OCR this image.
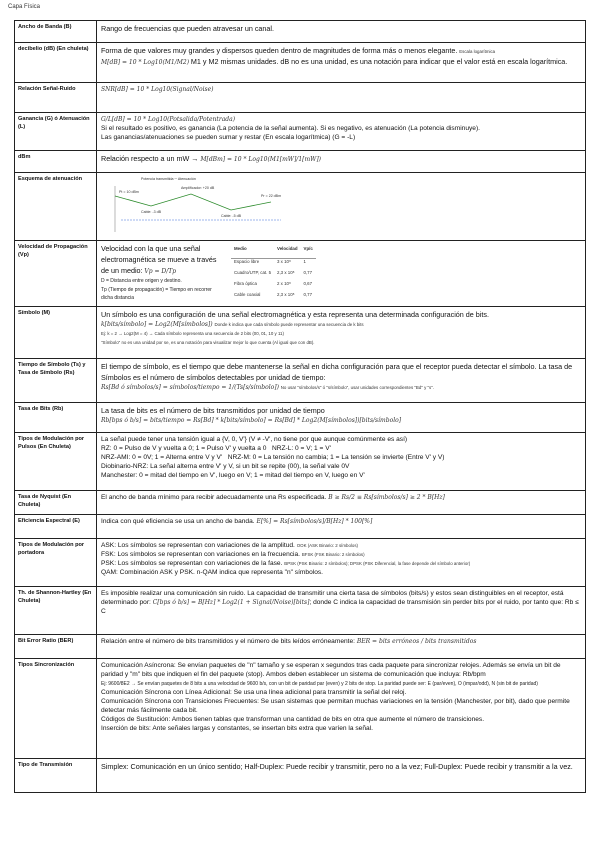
Capa Física
Ancho de Banda (B)	Rango de frecuencias que pueden atravesar un canal.
decibelio (dB) (En chuleta)	Forma de que valores muy grandes y dispersos queden dentro de magnitudes de forma más o menos elegante. Escala logarítmica
M[dB] = 10 * Log10(M1/M2) M1 y M2 mismas unidades. dB no es una unidad, es una notación para indicar que el valor está en escala logarítmica.
Relación Señal-Ruido	SNR[dB] = 10 * Log10(Signal/Noise)
Ganancia (G) ó Atenuación (L)	G/L[dB] = 10 * Log10(Potsalida/Potentrada)
Si el resultado es positivo, es ganancia (La potencia de la señal aumenta). Si es negativo, es atenuación (La potencia disminuye).
Las ganancias/atenuaciones se pueden sumar y restar (En escala logarítmica) (G = -L)
dBm	Relación respecto a un mW → M[dBm] = 10 * Log10(M1[mW]/1[mW])
Esquema de atenuación	Potencia transmitida ─ Atenuación
Pt = 10 dBm
Cable: -3 dB
Amplificador: +20 dB
Cable: -5 dB
Pr = 22 dBm

Velocidad de Propagación (Vp)	
Velocidad con la que una señal electromagnética se mueve a través de un medio: Vp = D/Tp
D = Distancia entre origen y destino.
Tp (Tiempo de propagación) = Tiempo en recorrer dicha distancia
Medio	Velocidad	Vp/c
Espacio libre	3 x 10⁸	1
Cuadro/UTP, cat. 5	2,3 x 10⁸	0,77
Fibra óptica	2 x 10⁸	0,67
Cable coaxial	2,3 x 10⁸	0,77

Símbolo (M)	Un símbolo es una configuración de una señal electromagnética y esta representa una determinada configuración de bits.
k[bits/símbolo] = Log2(M[símbolos]) Donde k indica que cada símbolo puede representar una secuencia de k bits
Ej: k = 2 → Log2(M = 4) → Cada símbolo representa una secuencia de 2 bits (00, 01, 10 y 11)
"Símbolo" no es una unidad por se, es una notación para visualizar mejor lo que cuenta (Al igual que con dB).
Tiempo de Símbolo (Ts) y Tasa de Símbolo (Rs)	El tiempo de símbolo, es el tiempo que debe mantenerse la señal en dicha configuración para que el receptor pueda detectar el símbolo. La tasa de Símbolos es el número de símbolos detectables por unidad de tiempo:
Rs[Bd ó símbolos/s] = símbolos/tiempo = 1/(Ts[s/símbolo]) No usar "símbolos/s" ó "s/símbolo", usar unidades correspondientes "Bd" y "s".
Tasa de Bits (Rb)	La tasa de bits es el número de bits transmitidos por unidad de tiempo
Rb[bps ó b/s] = bits/tiempo = Rs[Bd] * k[bits/símbolo] = Rs[Bd] * Log2(M[símbolos])[bits/símbolo]
Tipos de Modulación por Pulsos (En Chuleta)	La señal puede tener una tensión igual a {V, 0, V'} (V ≠ -V', no tiene por que aunque comúnmente es así)
RZ: 0 = Pulso de V y vuelta a 0; 1 = Pulso V' y vuelta a 0 NRZ-L: 0 = V; 1 = V'
NRZ-AMI: 0 = 0V; 1 = Alterna entre V y V' NRZ-M: 0 = La tensión no cambia; 1 = La tensión se invierte (Entre V' y V)
Diobinario-NRZ: La señal alterna entre V' y V, si un bit se repite (00), la señal vale 0V
Manchester: 0 = mitad del tiempo en V', luego en V; 1 = mitad del tiempo en V, luego en V'
Tasa de Nyquist (En Chuleta)	El ancho de banda mínimo para recibir adecuadamente una Rs especificada. B ≥ Rs/2 ≡ Rs[símbolos/s] ≥ 2 * B[Hz]
Eficiencia Espectral (E)	Indica con qué eficiencia se usa un ancho de banda. E[%] = Rs[símbolos/s]/B[Hz] * 100[%]
Tipos de Modulación por portadora	ASK: Los símbolos se representan con variaciones de la amplitud. OOK (ASK Binario: 2 símbolos)
FSK: Los símbolos se representan con variaciones en la frecuencia. BFSK (FSK Binario: 2 símbolos)
PSK: Los símbolos se representan con variaciones de la fase. BPSK (PSK Binario: 2 símbolos); DPSK (PSK Diferencial, la fase depende del símbolo anterior)
QAM: Combinación ASK y PSK. n-QAM indica que representa "n" símbolos.
Th. de Shannon-Hartley (En Chuleta)	Es imposible realizar una comunicación sin ruido. La capacidad de transmitir una cierta tasa de símbolos (bits/s) y estos sean distinguibles en el receptor, está determinado por: C[bps ó b/s] = B[Hz] * Log2(1 + Signal/Noise)[bits]; donde C indica la capacidad de transmisión sin perder bits por el ruido, por tanto que: Rb ≤ C
Bit Error Ratio (BER)	Relación entre el número de bits transmitidos y el número de bits leídos erróneamente: BER = bits erróneos / bits transmitidos
Tipos Sincronización	Comunicación Asíncrona: Se envían paquetes de "n" tamaño y se esperan x segundos tras cada paquete para sincronizar relojes. Además se envía un bit de paridad y "m" bits que indiquen el fin del paquete (stop). Ambos deben establecer un sistema de comunicación que incluya: Rb/bpm
Ej: 9600/8E2 → Se envían paquetes de 8 bits a una velocidad de 9600 b/s, con un bit de paridad par (even) y 2 bits de stop. La paridad puede ser: E (par/even), O (impar/odd), N (sin bit de paridad)
Comunicación Síncrona con Línea Adicional: Se usa una línea adicional para transmitir la señal del reloj.
Comunicación Síncrona con Transiciones Frecuentes: Se usan sistemas que permitan muchas variaciones en la tensión (Manchester, por bit), dado que permite detectar más fácilmente cada bit.
Códigos de Sustitución: Ambos tienen tablas que transforman una cantidad de bits en otra que aumente el número de transiciones.
Inserción de bits: Ante señales largas y constantes, se insertan bits extra que varíen la señal.
Tipo de Transmisión	Simplex: Comunicación en un único sentido; Half-Duplex: Puede recibir y transmitir, pero no a la vez; Full-Duplex: Puede recibir y transmitir a la vez.
